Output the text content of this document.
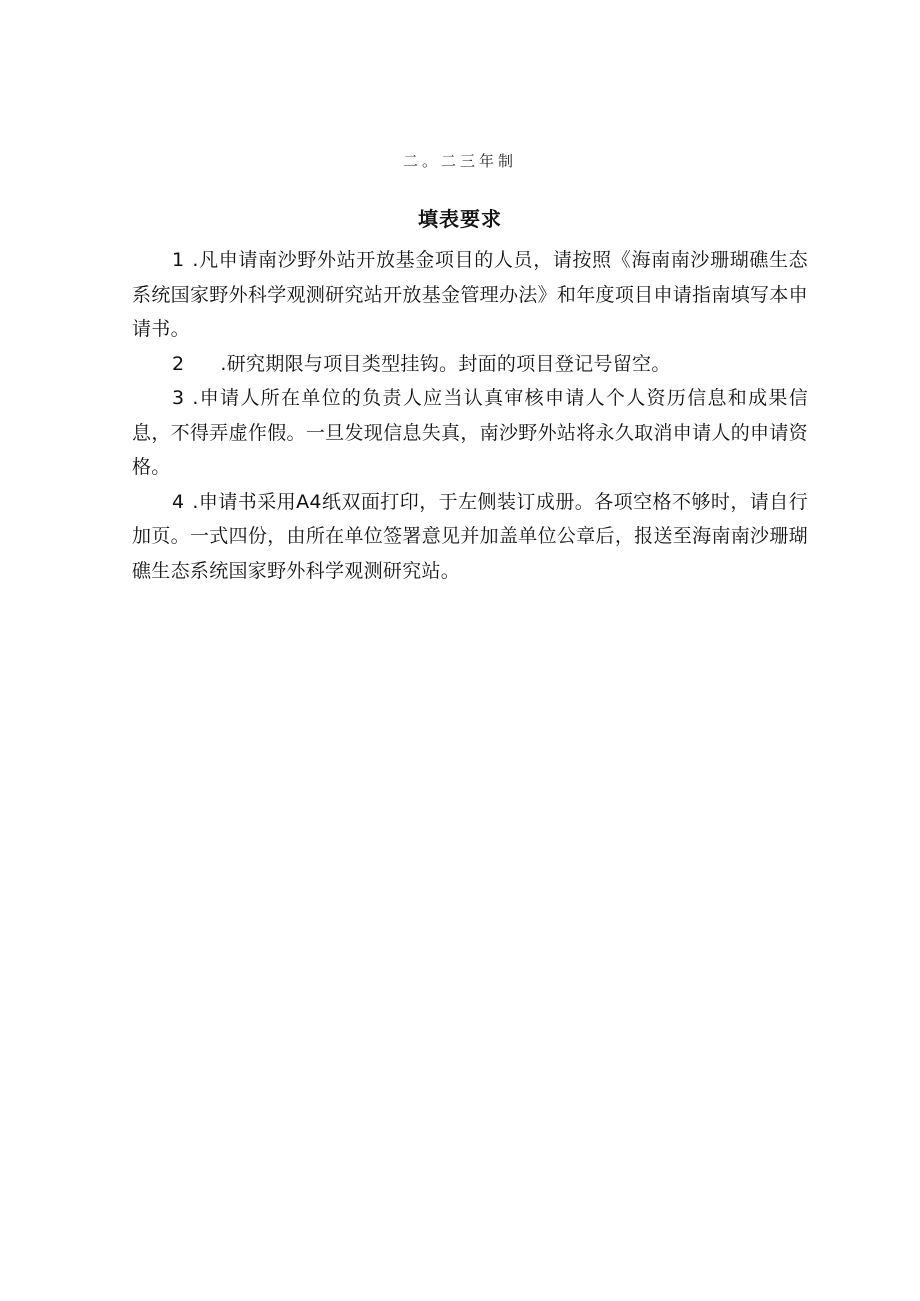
二。二三年制
填表要求

1 .凡申请南沙野外站开放基金项目的人员，请按照《海南南沙珊瑚礁生态系统国家野外科学观测研究站开放基金管理办法》和年度项目申请指南填写本申请书。

2 .研究期限与项目类型挂钩。封面的项目登记号留空。

3 .申请人所在单位的负责人应当认真审核申请人个人资历信息和成果信息，不得弄虚作假。一旦发现信息失真，南沙野外站将永久取消申请人的申请资格。

4 .申请书采用A4纸双面打印，于左侧装订成册。各项空格不够时，请自行加页。一式四份，由所在单位签署意见并加盖单位公章后，报送至海南南沙珊瑚礁生态系统国家野外科学观测研究站。
